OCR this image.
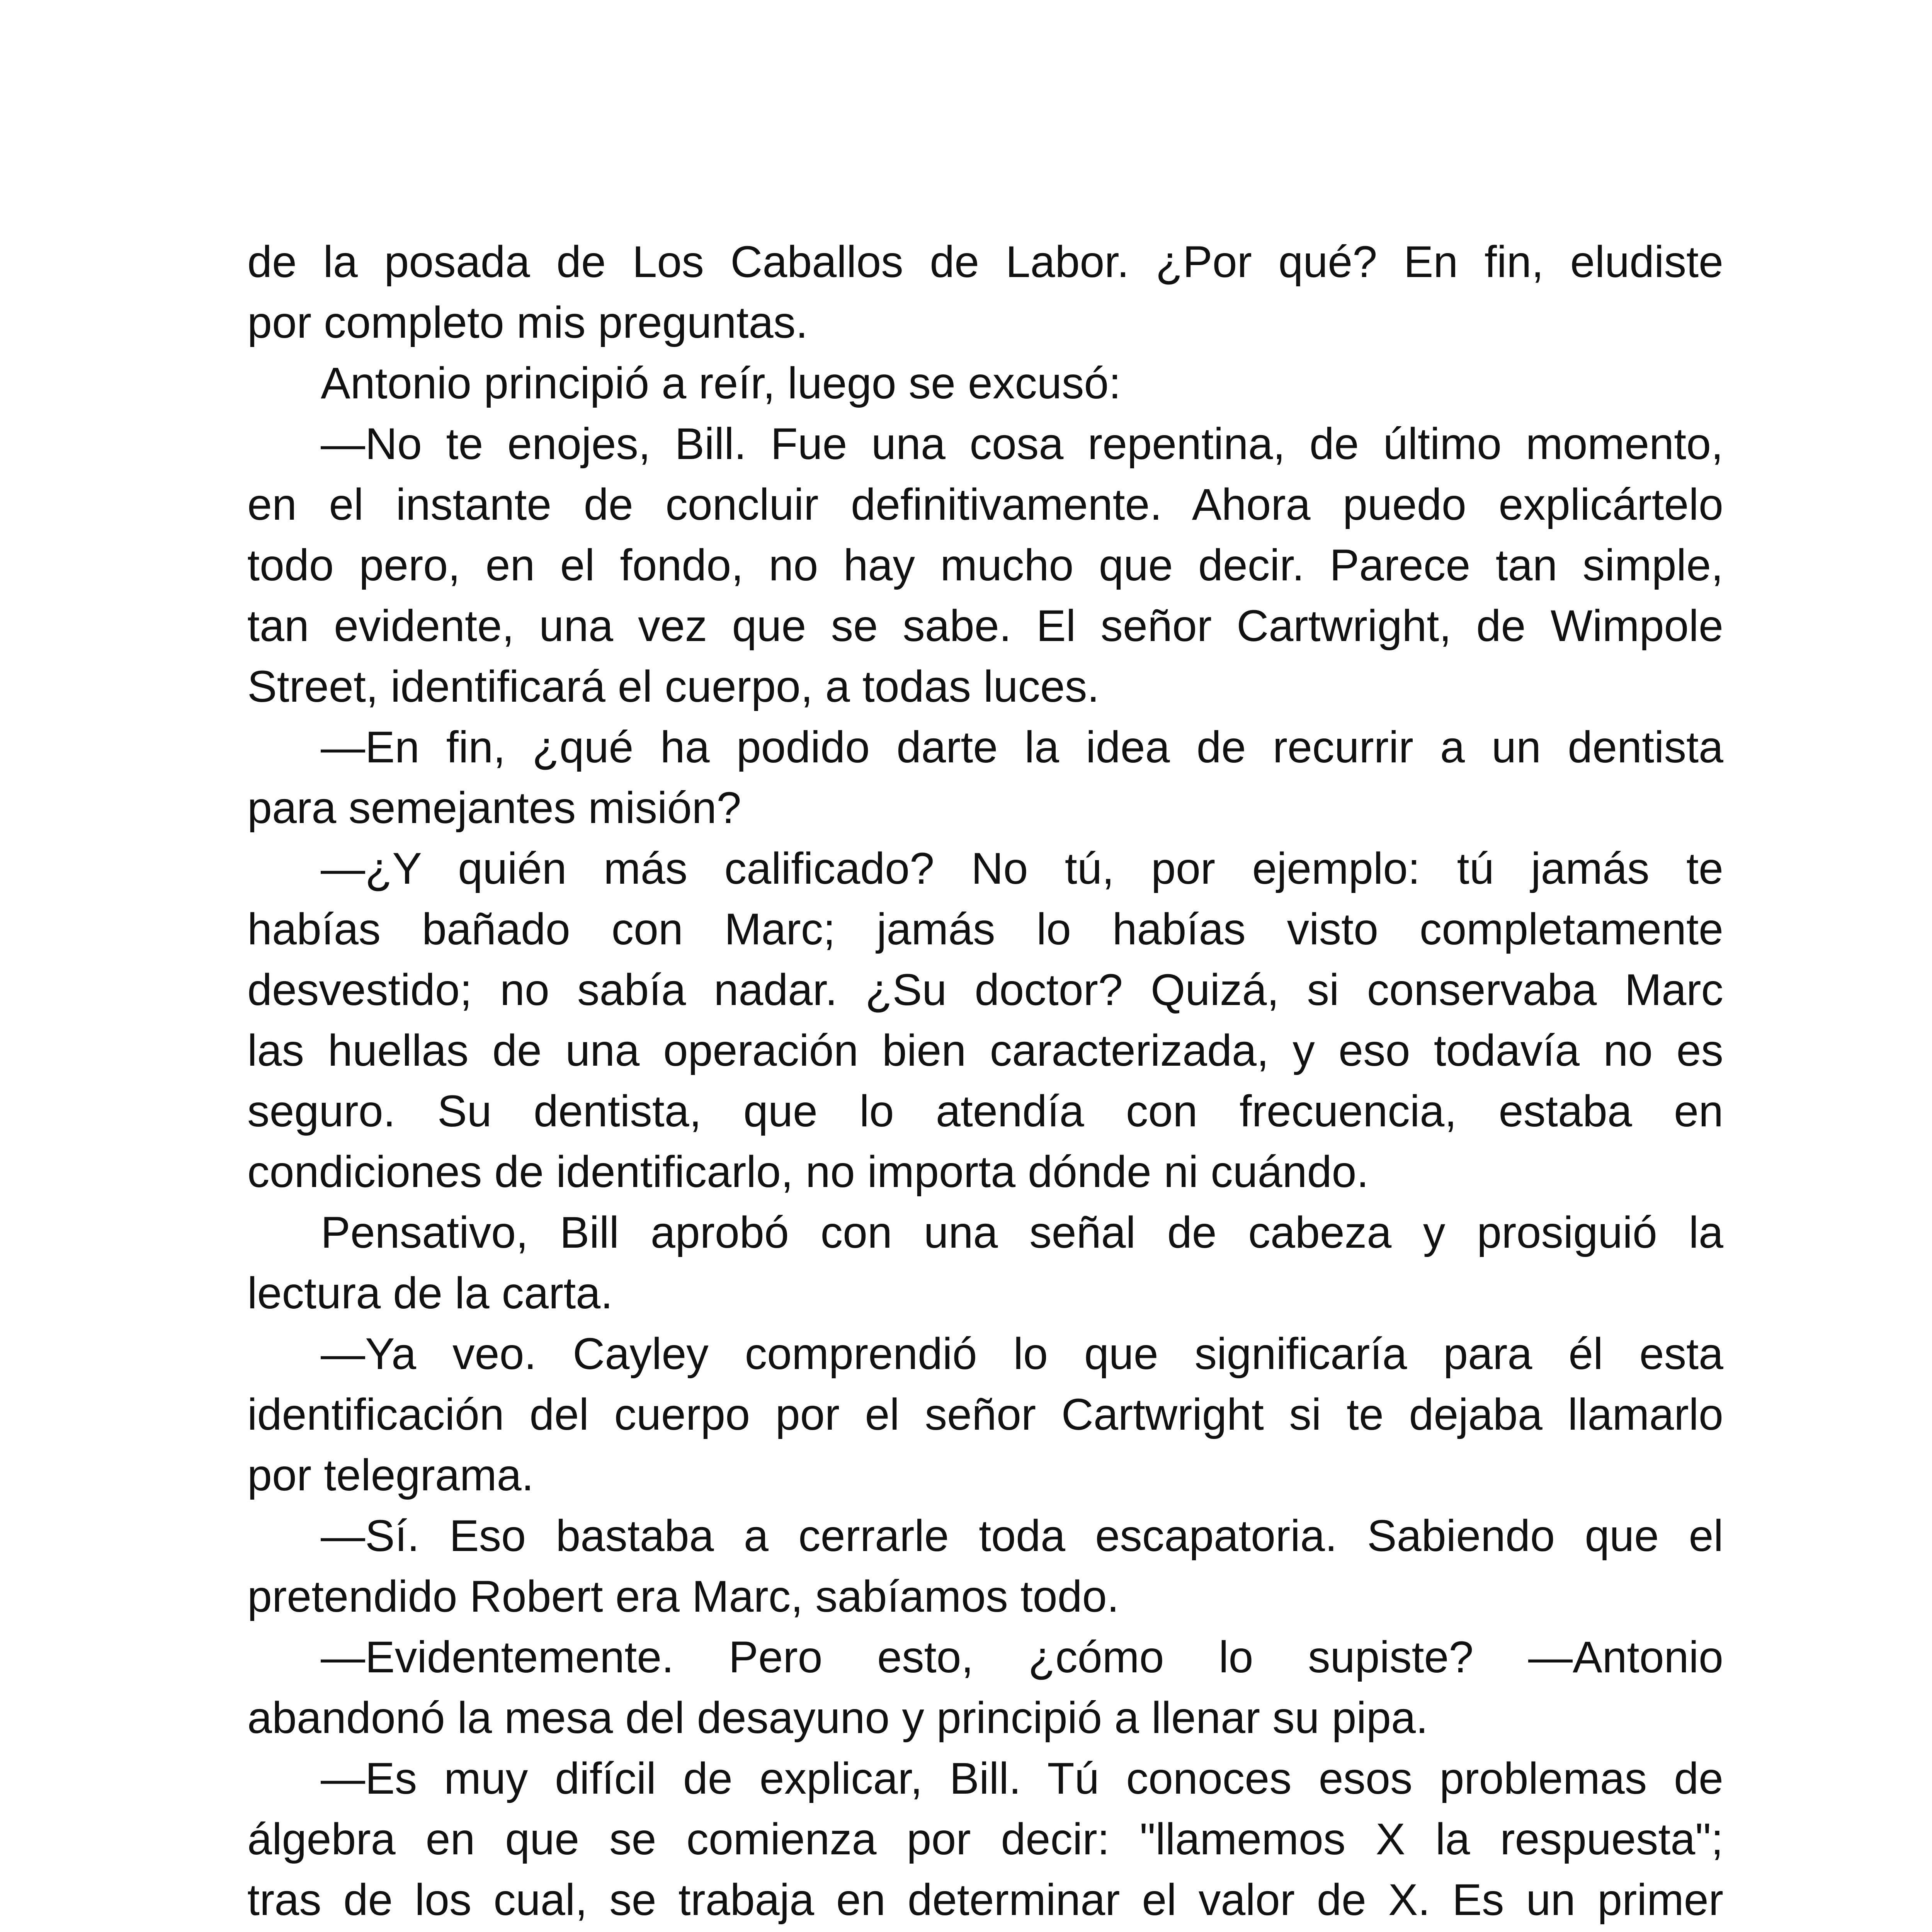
de la posada de Los Caballos de Labor. ¿Por qué? En fin, eludiste
por completo mis preguntas.
Antonio principió a reír, luego se excusó:
—No te enojes, Bill. Fue una cosa repentina, de último momento,
en el instante de concluir definitivamente. Ahora puedo explicártelo
todo pero, en el fondo, no hay mucho que decir. Parece tan simple,
tan evidente, una vez que se sabe. El señor Cartwright, de Wimpole
Street, identificará el cuerpo, a todas luces.
—En fin, ¿qué ha podido darte la idea de recurrir a un dentista
para semejantes misión?
—¿Y quién más calificado? No tú, por ejemplo: tú jamás te
habías bañado con Marc; jamás lo habías visto completamente
desvestido; no sabía nadar. ¿Su doctor? Quizá, si conservaba Marc
las huellas de una operación bien caracterizada, y eso todavía no es
seguro. Su dentista, que lo atendía con frecuencia, estaba en
condiciones de identificarlo, no importa dónde ni cuándo.
Pensativo, Bill aprobó con una señal de cabeza y prosiguió la
lectura de la carta.
—Ya veo. Cayley comprendió lo que significaría para él esta
identificación del cuerpo por el señor Cartwright si te dejaba llamarlo
por telegrama.
—Sí. Eso bastaba a cerrarle toda escapatoria. Sabiendo que el
pretendido Robert era Marc, sabíamos todo.
—Evidentemente. Pero esto, ¿cómo lo supiste? —Antonio
abandonó la mesa del desayuno y principió a llenar su pipa.
—Es muy difícil de explicar, Bill. Tú conoces esos problemas de
álgebra en que se comienza por decir: "llamemos X la respuesta";
tras de los cual, se trabaja en determinar el valor de X. Es un primer
